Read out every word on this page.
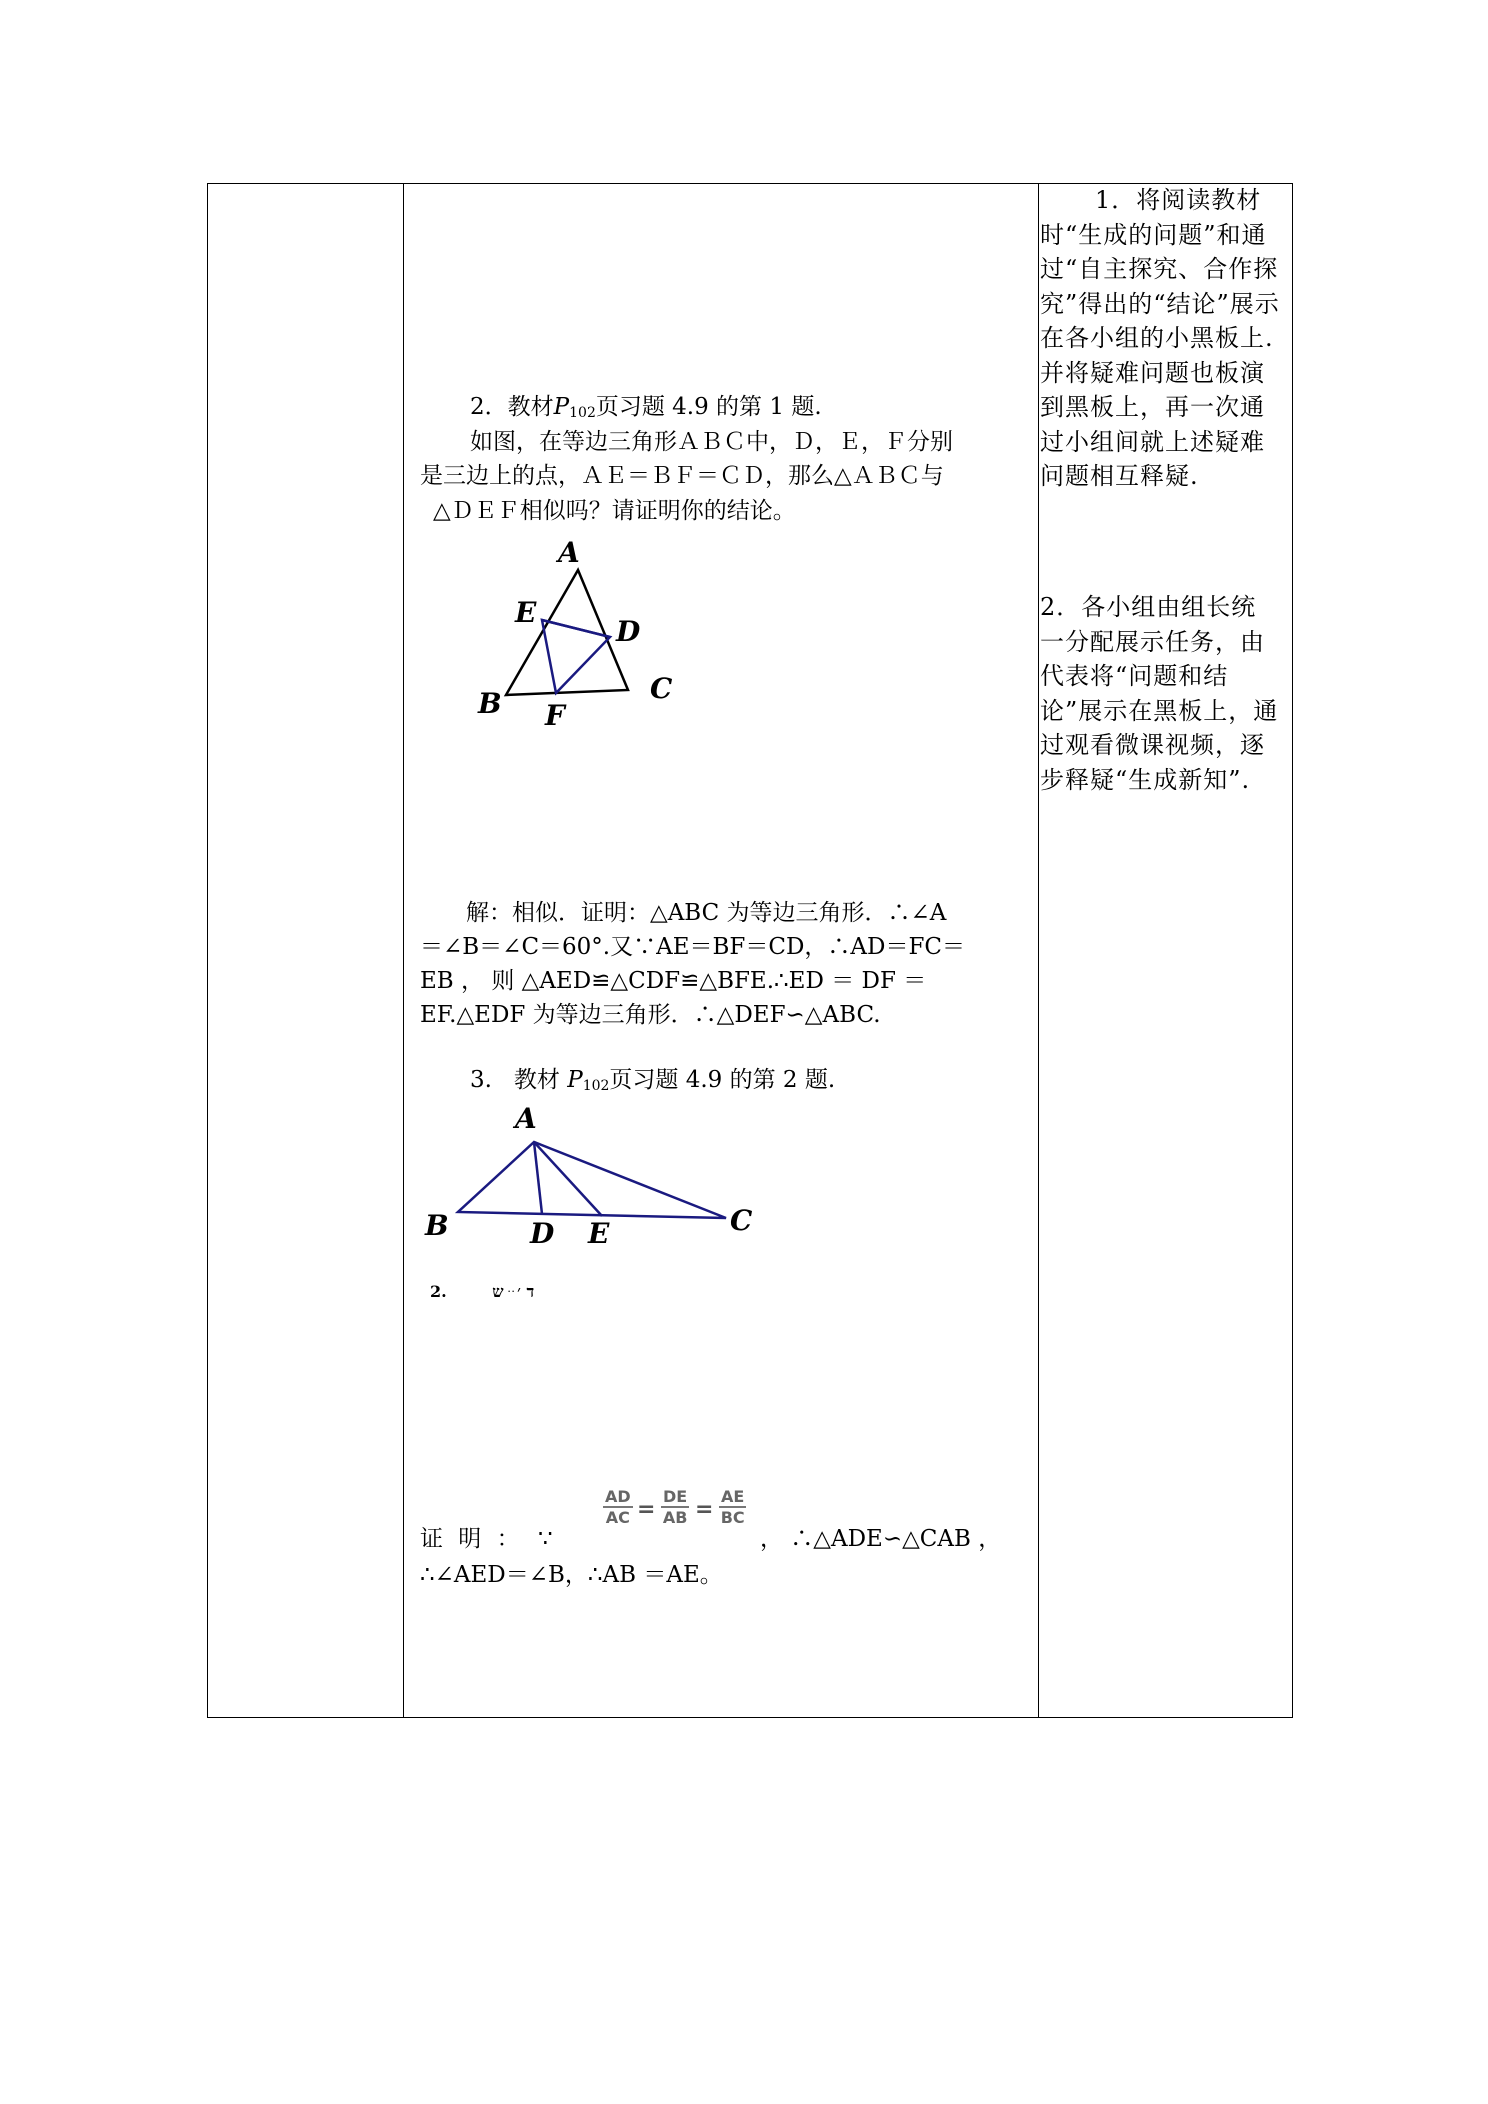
2．教材$P_{102}$页习题 4.9 的第 1 题.
如图，在等边三角形ＡＢＣ中，Ｄ，Ｅ，Ｆ分别
是三边上的点，ＡＥ＝ＢＦ＝ＣＤ，那么△ＡＢＣ与
△ＤＥＦ相似吗？请证明你的结论。
A
E
D
B F
C
解：相似．证明：△ABC 为等边三角形．∴∠A
＝∠B＝∠C＝60°.又∵AE＝BF＝CD，∴AD＝FC＝
EB ， 则 △AED≌△CDF≌△BFE.∴ED ＝ DF ＝
EF.△EDF 为等边三角形．∴△DEF∽△ABC.
3. 教材 $P_{102}$页习题 4.9 的第 2 题.
A
B	D E	C
2.	ד ׳ ּ ּ ש
证 明 ： ∵
$\frac{AD}{AC} = \frac{DE}{AB} = \frac{AE}{BC}$
， ∴△ADE∽△CAB ，
∴∠AED＝∠B，∴AB ＝AE。
1．将阅读教材时“生成的问题”和通过“自主探究、合作探究”得出的“结论”展示在各小组的小黑板上.并将疑难问题也板演到黑板上，再一次通过小组间就上述疑难问题相互释疑.
2．各小组由组长统一分配展示任务，由代表将“问题和结论”展示在黑板上，通过观看微课视频，逐步释疑“生成新知”.
